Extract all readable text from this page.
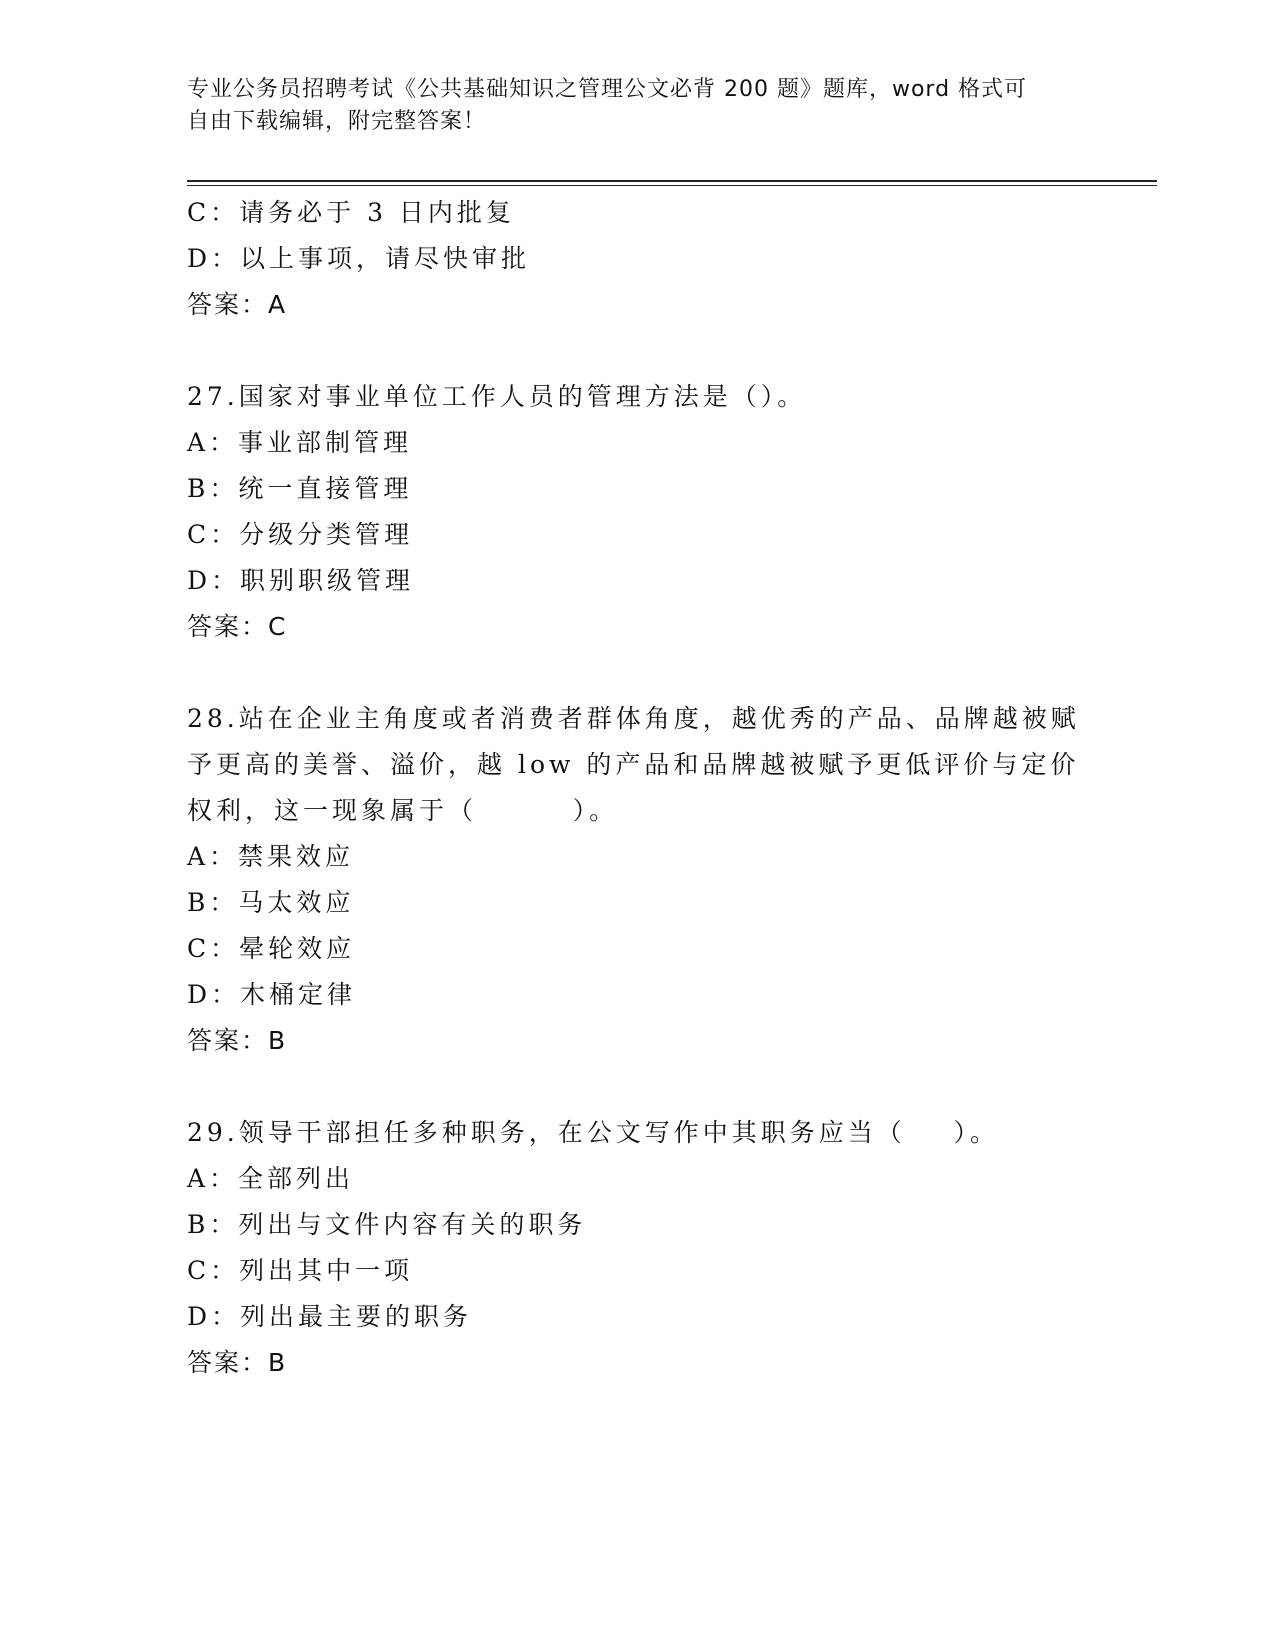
专业公务员招聘考试《公共基础知识之管理公文必背 200 题》题库，word 格式可
自由下载编辑，附完整答案！
C：请务必于 3 日内批复
D：以上事项，请尽快审批
答案：A
27.国家对事业单位工作人员的管理方法是（）。
A：事业部制管理
B：统一直接管理
C：分级分类管理
D：职别职级管理
答案：C
28.站在企业主角度或者消费者群体角度，越优秀的产品、品牌越被赋
予更高的美誉、溢价，越 low 的产品和品牌越被赋予更低评价与定价
权利，这一现象属于（        ）。
A：禁果效应
B：马太效应
C：晕轮效应
D：木桶定律
答案：B
29.领导干部担任多种职务，在公文写作中其职务应当（    ）。
A：全部列出
B：列出与文件内容有关的职务
C：列出其中一项
D：列出最主要的职务
答案：B
